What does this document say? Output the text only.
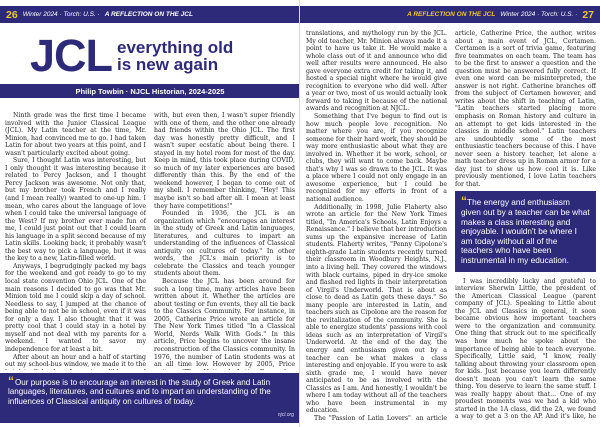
26 Winter 2024 · Torch: U.S. · A REFLECTION ON THE JCL
JCL everything old
is new again
Philip Towbin · NJCL Historian, 2024-2025

Ninth grade was the first time I became involved with the Junior Classical League (JCL). My Latin teacher at the time, Mr. Minion, had convinced me to go. I had taken Latin for about two years at this point, and I wasn't particularly excited about going.

Sure, I thought Latin was interesting, but I only thought it was interesting because it related to Percy Jackson, and I thought Percy Jackson was awesome. Not only that, but my brother took French and I really (and I mean really) wanted to one-up him. I mean, who cares about the language of love when I could take the universal language of the West? If my brother ever made fun of me, I could just point out that I could learn his language in a split second because of my Latin skills. Looking back, it probably wasn't the best way to pick a language, but it was the key to a new, Latin-filled world.

Anyways, I begrudgingly packed my bags for the weekend and got ready to go to my local state convention Ohio JCL. One of the main reasons I decided to go was that Mr. Minion told me I could skip a day of school. Needless to say, I jumped at the chance of being able to not be in school, even if it was for only a day. I also thought that it was pretty cool that I could stay in a hotel by myself and not deal with my parents for a weekend. I wanted to savor my independence for at least a bit.

After about an hour and a half of starting out my school-bus window, we made it to the

with, but even then, I wasn't super friendly with one of them, and the other one already had friends within the Ohio JCL. The first day was honestly pretty difficult, and I wasn't super ecstatic about being there. I stayed in my hotel room for most of the day. Keep in mind, this took place during COVID, so much of my later experiences are based differently than this. By the end of the weekend however, I began to come out of my shell. I remember thinking, "Hey! This maybe isn't so bad after all. I mean at least they have competitions!"

Founded in 1936, the JCL is an organization which "encourages an interest in the study of Greek and Latin languages, literatures, and cultures to impart an understanding of the influences of Classical antiquity on cultures of today." In other words, the JCL's main priority is to celebrate the Classics and teach younger students about them.

Because the JCL has been around for such a long time, many articles have been written about it. Whether the articles are about testing or fun events, they all tie back to the Classics Community. For instance, in 2005, Catherine Price wrote an article for The New York Times titled "In a Classical World, Nerds Walk With Gods." In this article, Price begins to uncover the insane reconstruction of the Classics community. In 1976, the number of Latin students was at an all time low. However by 2005, Price

“Our purpose is to encourage an interest in the study of Greek and Latin languages, literatures, and cultures and to impart an understanding of the influences of Classical antiquity on cultures of today.
njcl.org
A REFLECTION ON THE JCL Winter 2024 · Torch: U.S. · 27

translations, and mythology run by the JCL. My old teacher, Mr. Minion always made it a point to have us take it. He would make a whole class out of it and announce who did well after results were announced. He also gave everyone extra credit for taking it, and hosted a special night where he would give recognition to everyone who did well. After a year or two, most of us would actually look forward to taking it because of the national awards and recognition at NJCL.

Something that I've begun to find out is how much people love recognition. No matter where you are, if you recognize someone for their hard work, they should be way more enthusiastic about what they are involved in. Whether it be work, school, or clubs, they will want to come back. Maybe that's why I was so drawn to the JCL. It was a place where I could not only engage in an awesome experience, but I could be recognized for my efforts in front of a national audience.

Additionally, in 1998, Julie Flaherty also wrote an article for the New York Times titled, "In America's Schools, Latin Enjoys a Renaissance." I believe that her introduction sums up the expansive increase of Latin students. Flaherty writes, "Penny Cipolone's eighth-grade Latin students recently turned their classroom in Woodbury Heights, N.J., into a living hell. They covered the windows with black curtains, piped in dry-ice smoke and flashed red lights in their interpretation of Virgil's Underworld. That is about as close to dead as Latin gets these days." So many people are interested in Latin, and teachers such as Cipolone are the reason for the revitalization of the community. She is able to energize students' passions with cool ideas such as an interpretation of Virgil's Underworld. At the end of the day, the energy and enthusiasm given out by a teacher can be what makes a class interesting and enjoyable. If you were to ask sixth grade me, I would have never anticipated to be as involved with the Classics as I am. And honestly, I wouldn't be where I am today without all of the teachers who have been instrumental in my education.

The "Passion of Latin Lovers", an article

article, Catherine Price, the author, writes about a main event of JCL, Certamen. Certamen is a sort of trivia game, featuring five teammates on each team. The team has to be the first to answer a question and the question must be answered fully correct. If even one word can be misinterpreted, the answer is not right. Catherine branches off from the subject of Certamen however, and writes about the shift in teaching of Latin, "Latin teachers started placing more emphasis on Roman history and culture in an attempt to get kids interested in the classics in middle school." Latin teachers are undoubtedly some of the most enthusiastic teachers because of this. I have never seen a history teacher, let alone a math teacher dress up in Roman armor for a day just to show us how cool it is. Like previously mentioned, I love Latin teachers for that.

“The energy and enthusiasm given out by a teacher can be what makes a class interesting and enjoyable. I wouldn't be where I am today without all of the teachers who have been instrumental in my education.

I was incredibly lucky and grateful to interview Sherwin Little, the president of the American Classical League (parent company of JCL). Speaking to Little about the JCL and Classics in general, it soon became obvious how important teachers were to the organization and community. One thing that struck out to me specifically was how much he spoke about the importance of being able to teach everyone. Specifically, Little said, "I know, really talking about throwing your classroom open for kids. Just because you learn differently doesn't mean you can't learn the same thing. You deserve to learn the same stuff. I was really happy about that... One of my proudest moments was we had a kid who started in the 1A class, did the 2A, we found a way to get a 3 on the AP. And it's like, he
